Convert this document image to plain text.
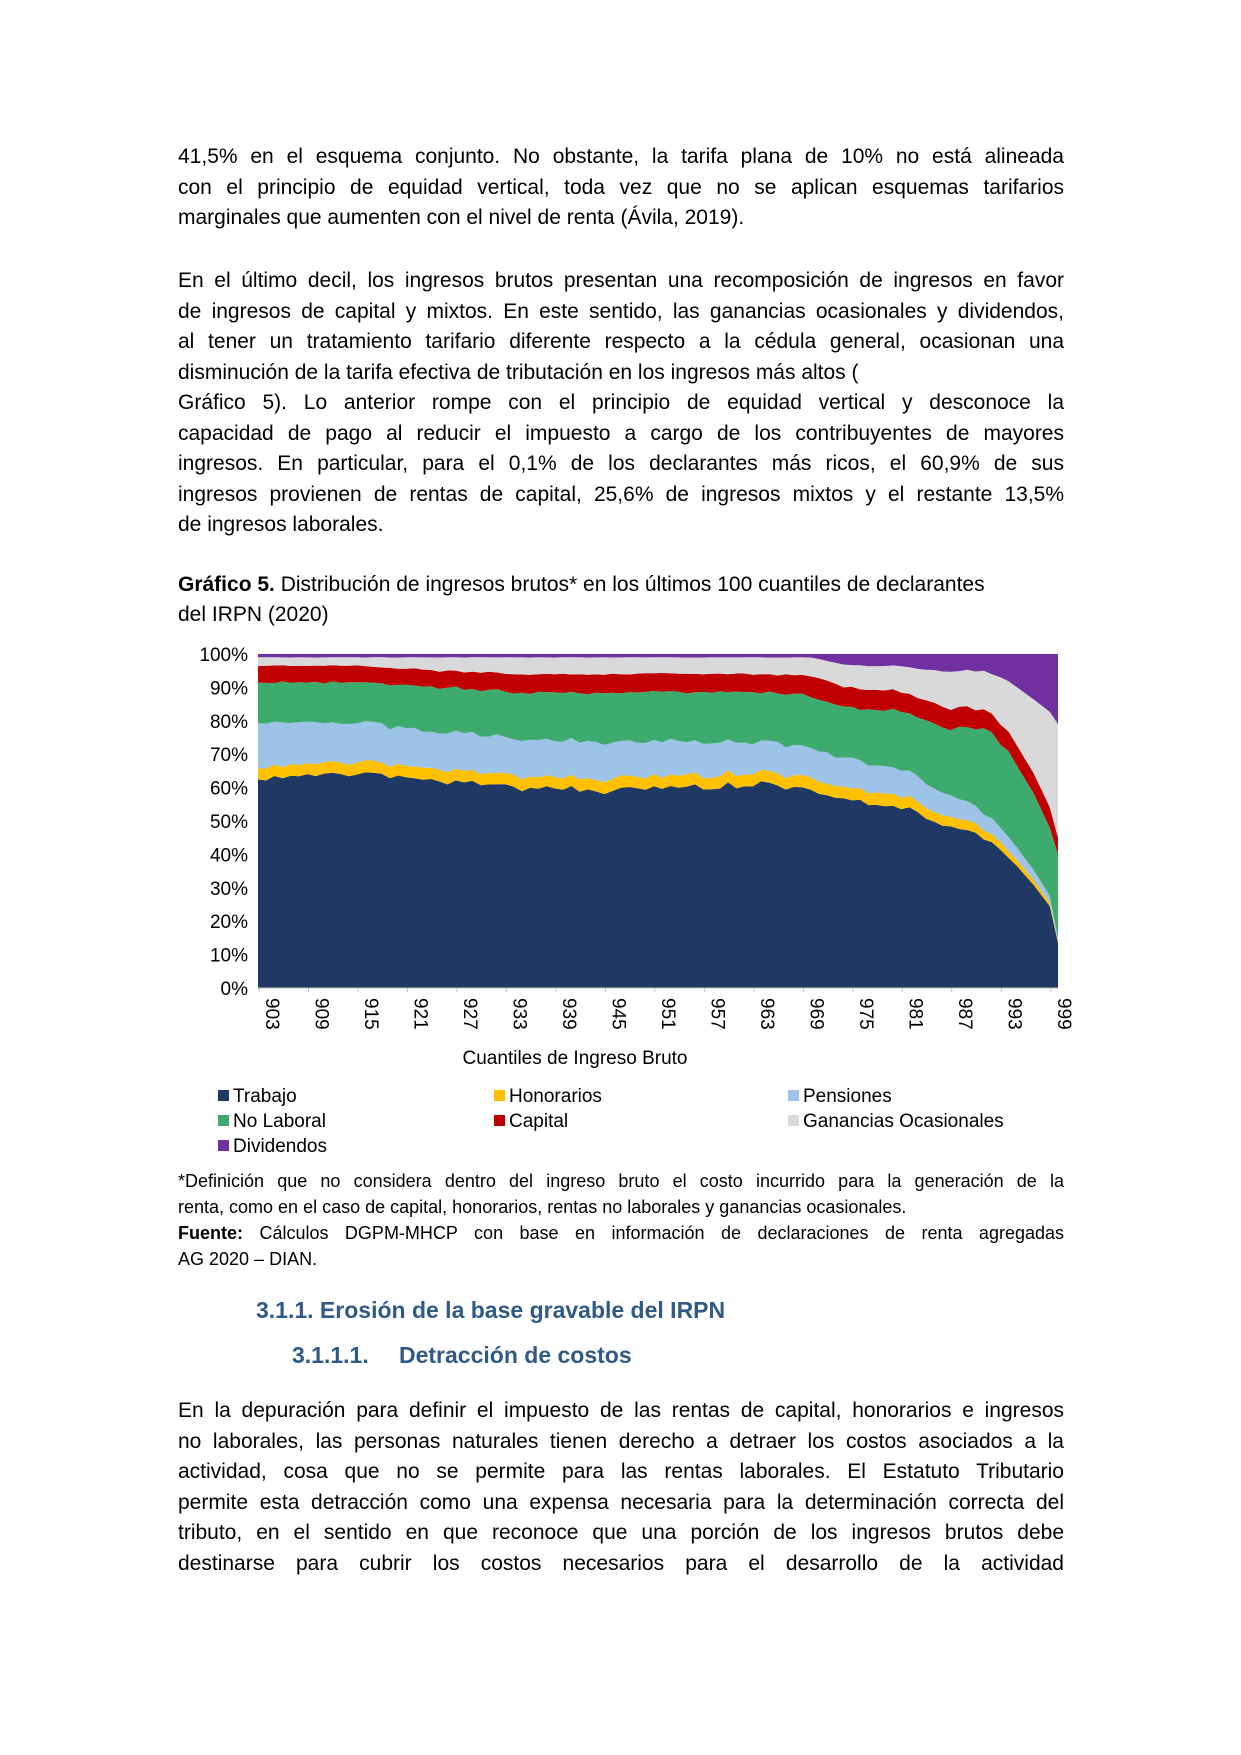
41,5% en el esquema conjunto. No obstante, la tarifa plana de 10% no está alineada
con el principio de equidad vertical, toda vez que no se aplican esquemas tarifarios
marginales que aumenten con el nivel de renta (Ávila, 2019).
En el último decil, los ingresos brutos presentan una recomposición de ingresos en favor
de ingresos de capital y mixtos. En este sentido, las ganancias ocasionales y dividendos,
al tener un tratamiento tarifario diferente respecto a la cédula general, ocasionan una
disminución de la tarifa efectiva de tributación en los ingresos más altos (
Gráfico 5). Lo anterior rompe con el principio de equidad vertical y desconoce la
capacidad de pago al reducir el impuesto a cargo de los contribuyentes de mayores
ingresos. En particular, para el 0,1% de los declarantes más ricos, el 60,9% de sus
ingresos provienen de rentas de capital, 25,6% de ingresos mixtos y el restante 13,5%
de ingresos laborales.
Gráfico 5. Distribución de ingresos brutos* en los últimos 100 cuantiles de declarantes
del IRPN (2020)
0%
10%
20%
30%
40%
50%
60%
70%
80%
90%
100%
903 909 915 921 927 933 939 945 951 957 963 969 975 981 987 993 999
Cuantiles de Ingreso Bruto
Trabajo	Honorarios	Pensiones
No Laboral	Capital	Ganancias Ocasionales
Dividendos
*Definición que no considera dentro del ingreso bruto el costo incurrido para la generación de la
renta, como en el caso de capital, honorarios, rentas no laborales y ganancias ocasionales.
Fuente: Cálculos DGPM-MHCP con base en información de declaraciones de renta agregadas
AG 2020 – DIAN.
3.1.1. Erosión de la base gravable del IRPN
3.1.1.1. Detracción de costos
En la depuración para definir el impuesto de las rentas de capital, honorarios e ingresos
no laborales, las personas naturales tienen derecho a detraer los costos asociados a la
actividad, cosa que no se permite para las rentas laborales. El Estatuto Tributario
permite esta detracción como una expensa necesaria para la determinación correcta del
tributo, en el sentido en que reconoce que una porción de los ingresos brutos debe
destinarse para cubrir los costos necesarios para el desarrollo de la actividad
